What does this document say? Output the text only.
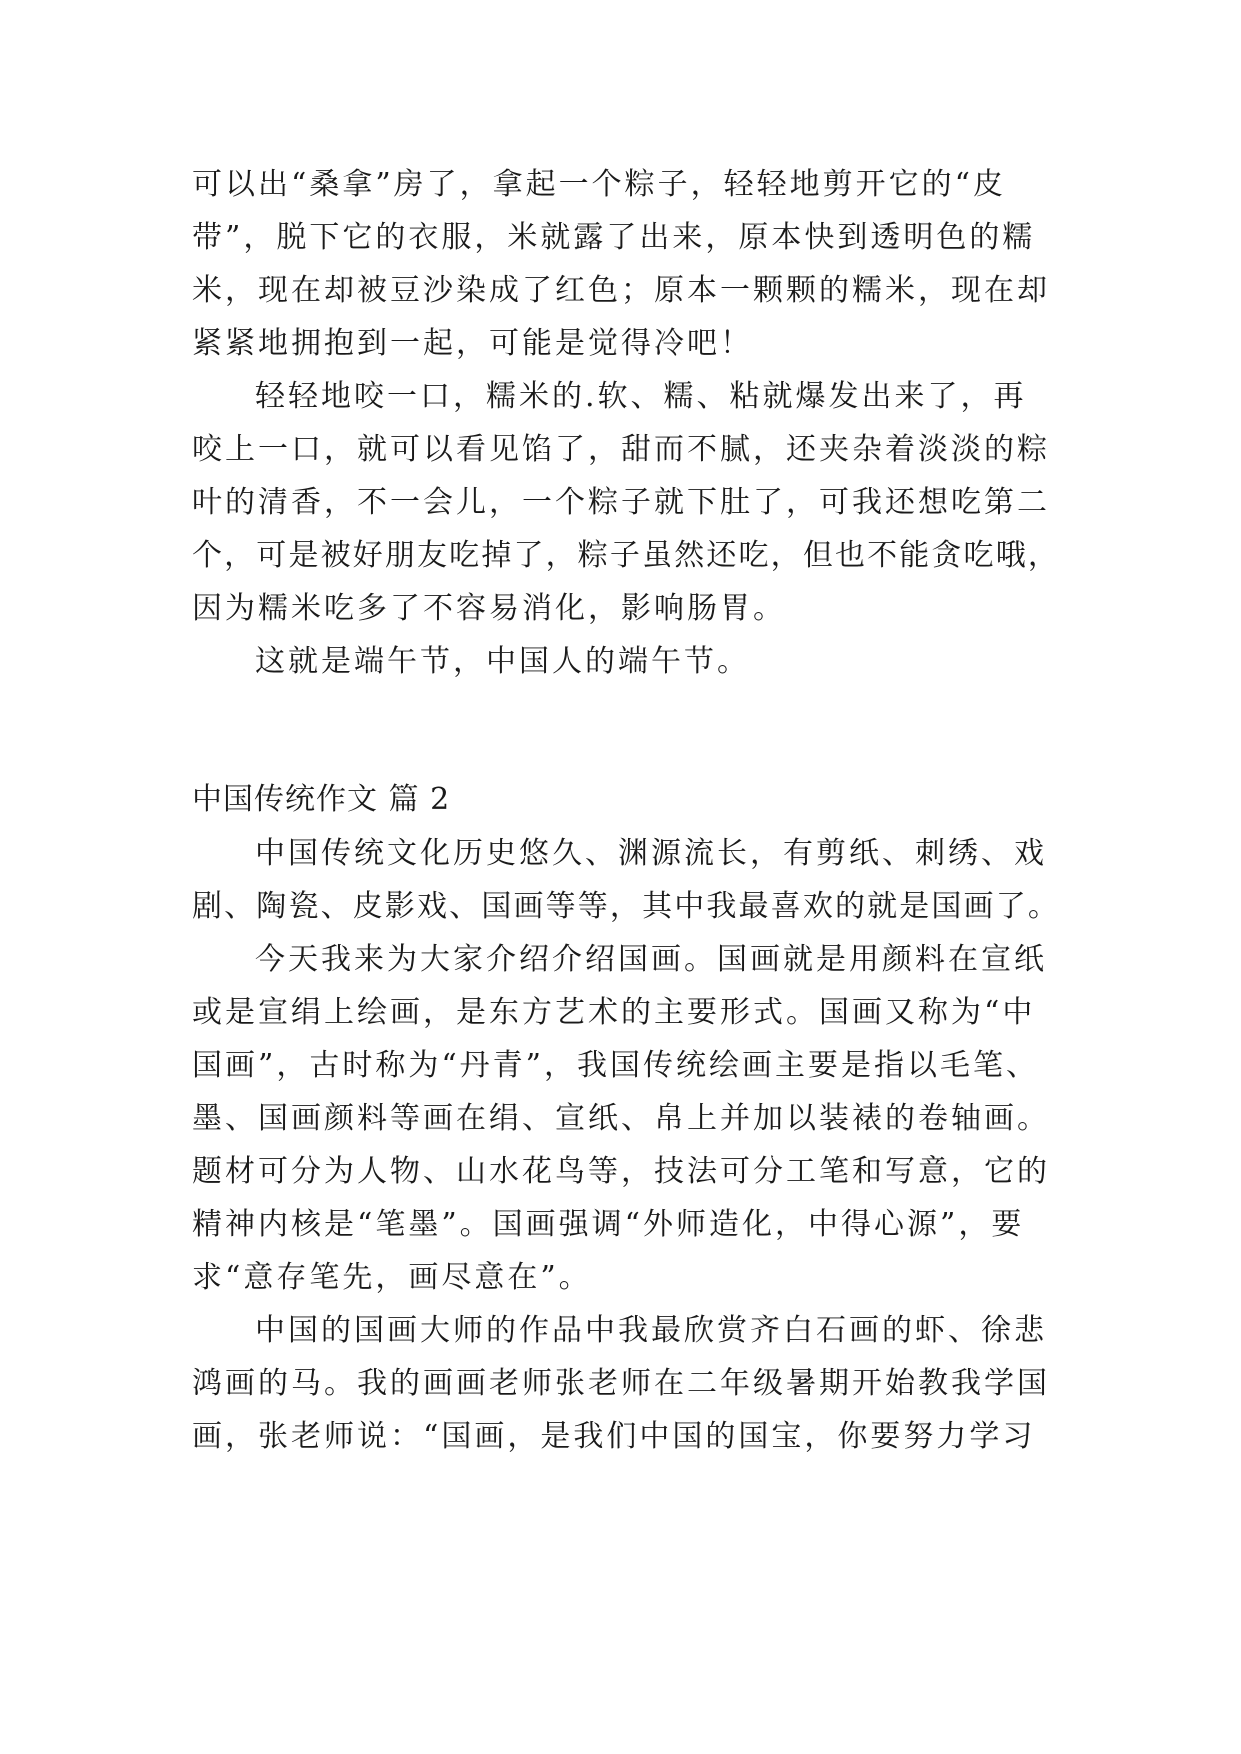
可以出“桑拿”房了，拿起一个粽子，轻轻地剪开它的“皮
带”，脱下它的衣服，米就露了出来，原本快到透明色的糯
米，现在却被豆沙染成了红色；原本一颗颗的糯米，现在却
紧紧地拥抱到一起，可能是觉得冷吧！
轻轻地咬一口，糯米的.软、糯、粘就爆发出来了，再
咬上一口，就可以看见馅了，甜而不腻，还夹杂着淡淡的粽
叶的清香，不一会儿，一个粽子就下肚了，可我还想吃第二
个，可是被好朋友吃掉了，粽子虽然还吃，但也不能贪吃哦，
因为糯米吃多了不容易消化，影响肠胃。
这就是端午节，中国人的端午节。
中国传统作文 篇 2
中国传统文化历史悠久、渊源流长，有剪纸、刺绣、戏
剧、陶瓷、皮影戏、国画等等，其中我最喜欢的就是国画了。
今天我来为大家介绍介绍国画。国画就是用颜料在宣纸
或是宣绢上绘画，是东方艺术的主要形式。国画又称为“中
国画”，古时称为“丹青”，我国传统绘画主要是指以毛笔、
墨、国画颜料等画在绢、宣纸、帛上并加以装裱的卷轴画。
题材可分为人物、山水花鸟等，技法可分工笔和写意，它的
精神内核是“笔墨”。国画强调“外师造化，中得心源”，要
求“意存笔先，画尽意在”。
中国的国画大师的作品中我最欣赏齐白石画的虾、徐悲
鸿画的马。我的画画老师张老师在二年级暑期开始教我学国
画，张老师说：“国画，是我们中国的国宝，你要努力学习
